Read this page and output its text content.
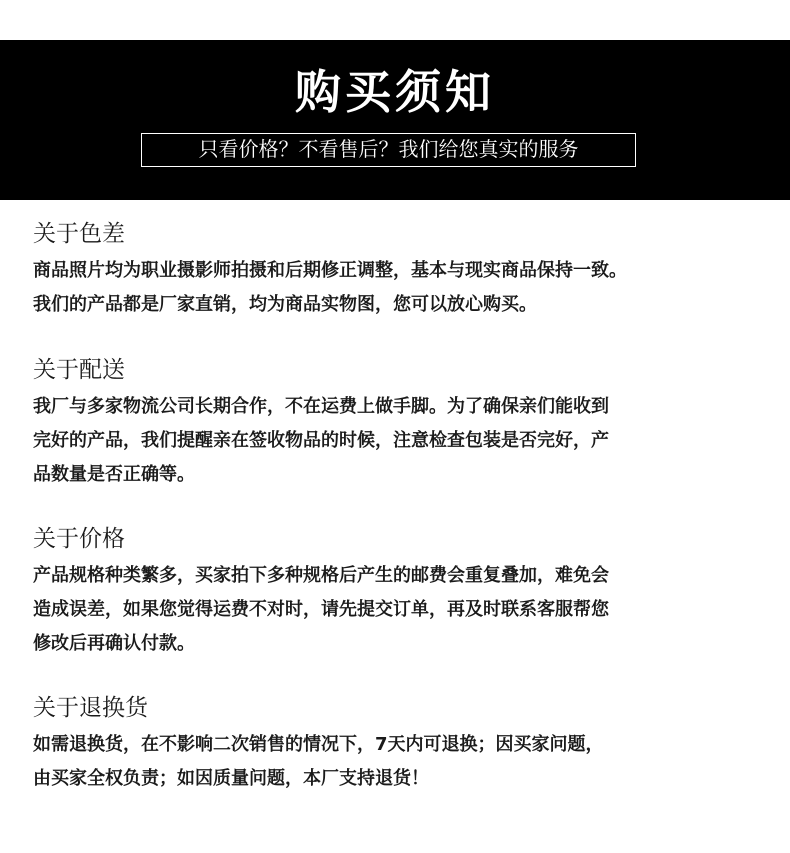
购买须知
只看价格？不看售后？我们给您真实的服务
关于色差

商品照片均为职业摄影师拍摄和后期修正调整，基本与现实商品保持一致。
我们的产品都是厂家直销，均为商品实物图，您可以放心购买。

关于配送

我厂与多家物流公司长期合作，不在运费上做手脚。为了确保亲们能收到
完好的产品，我们提醒亲在签收物品的时候，注意检查包装是否完好，产
品数量是否正确等。

关于价格

产品规格种类繁多，买家拍下多种规格后产生的邮费会重复叠加，难免会
造成误差，如果您觉得运费不对时，请先提交订单，再及时联系客服帮您
修改后再确认付款。

关于退换货

如需退换货，在不影响二次销售的情况下，7天内可退换；因买家问题，
由买家全权负责；如因质量问题，本厂支持退货！
